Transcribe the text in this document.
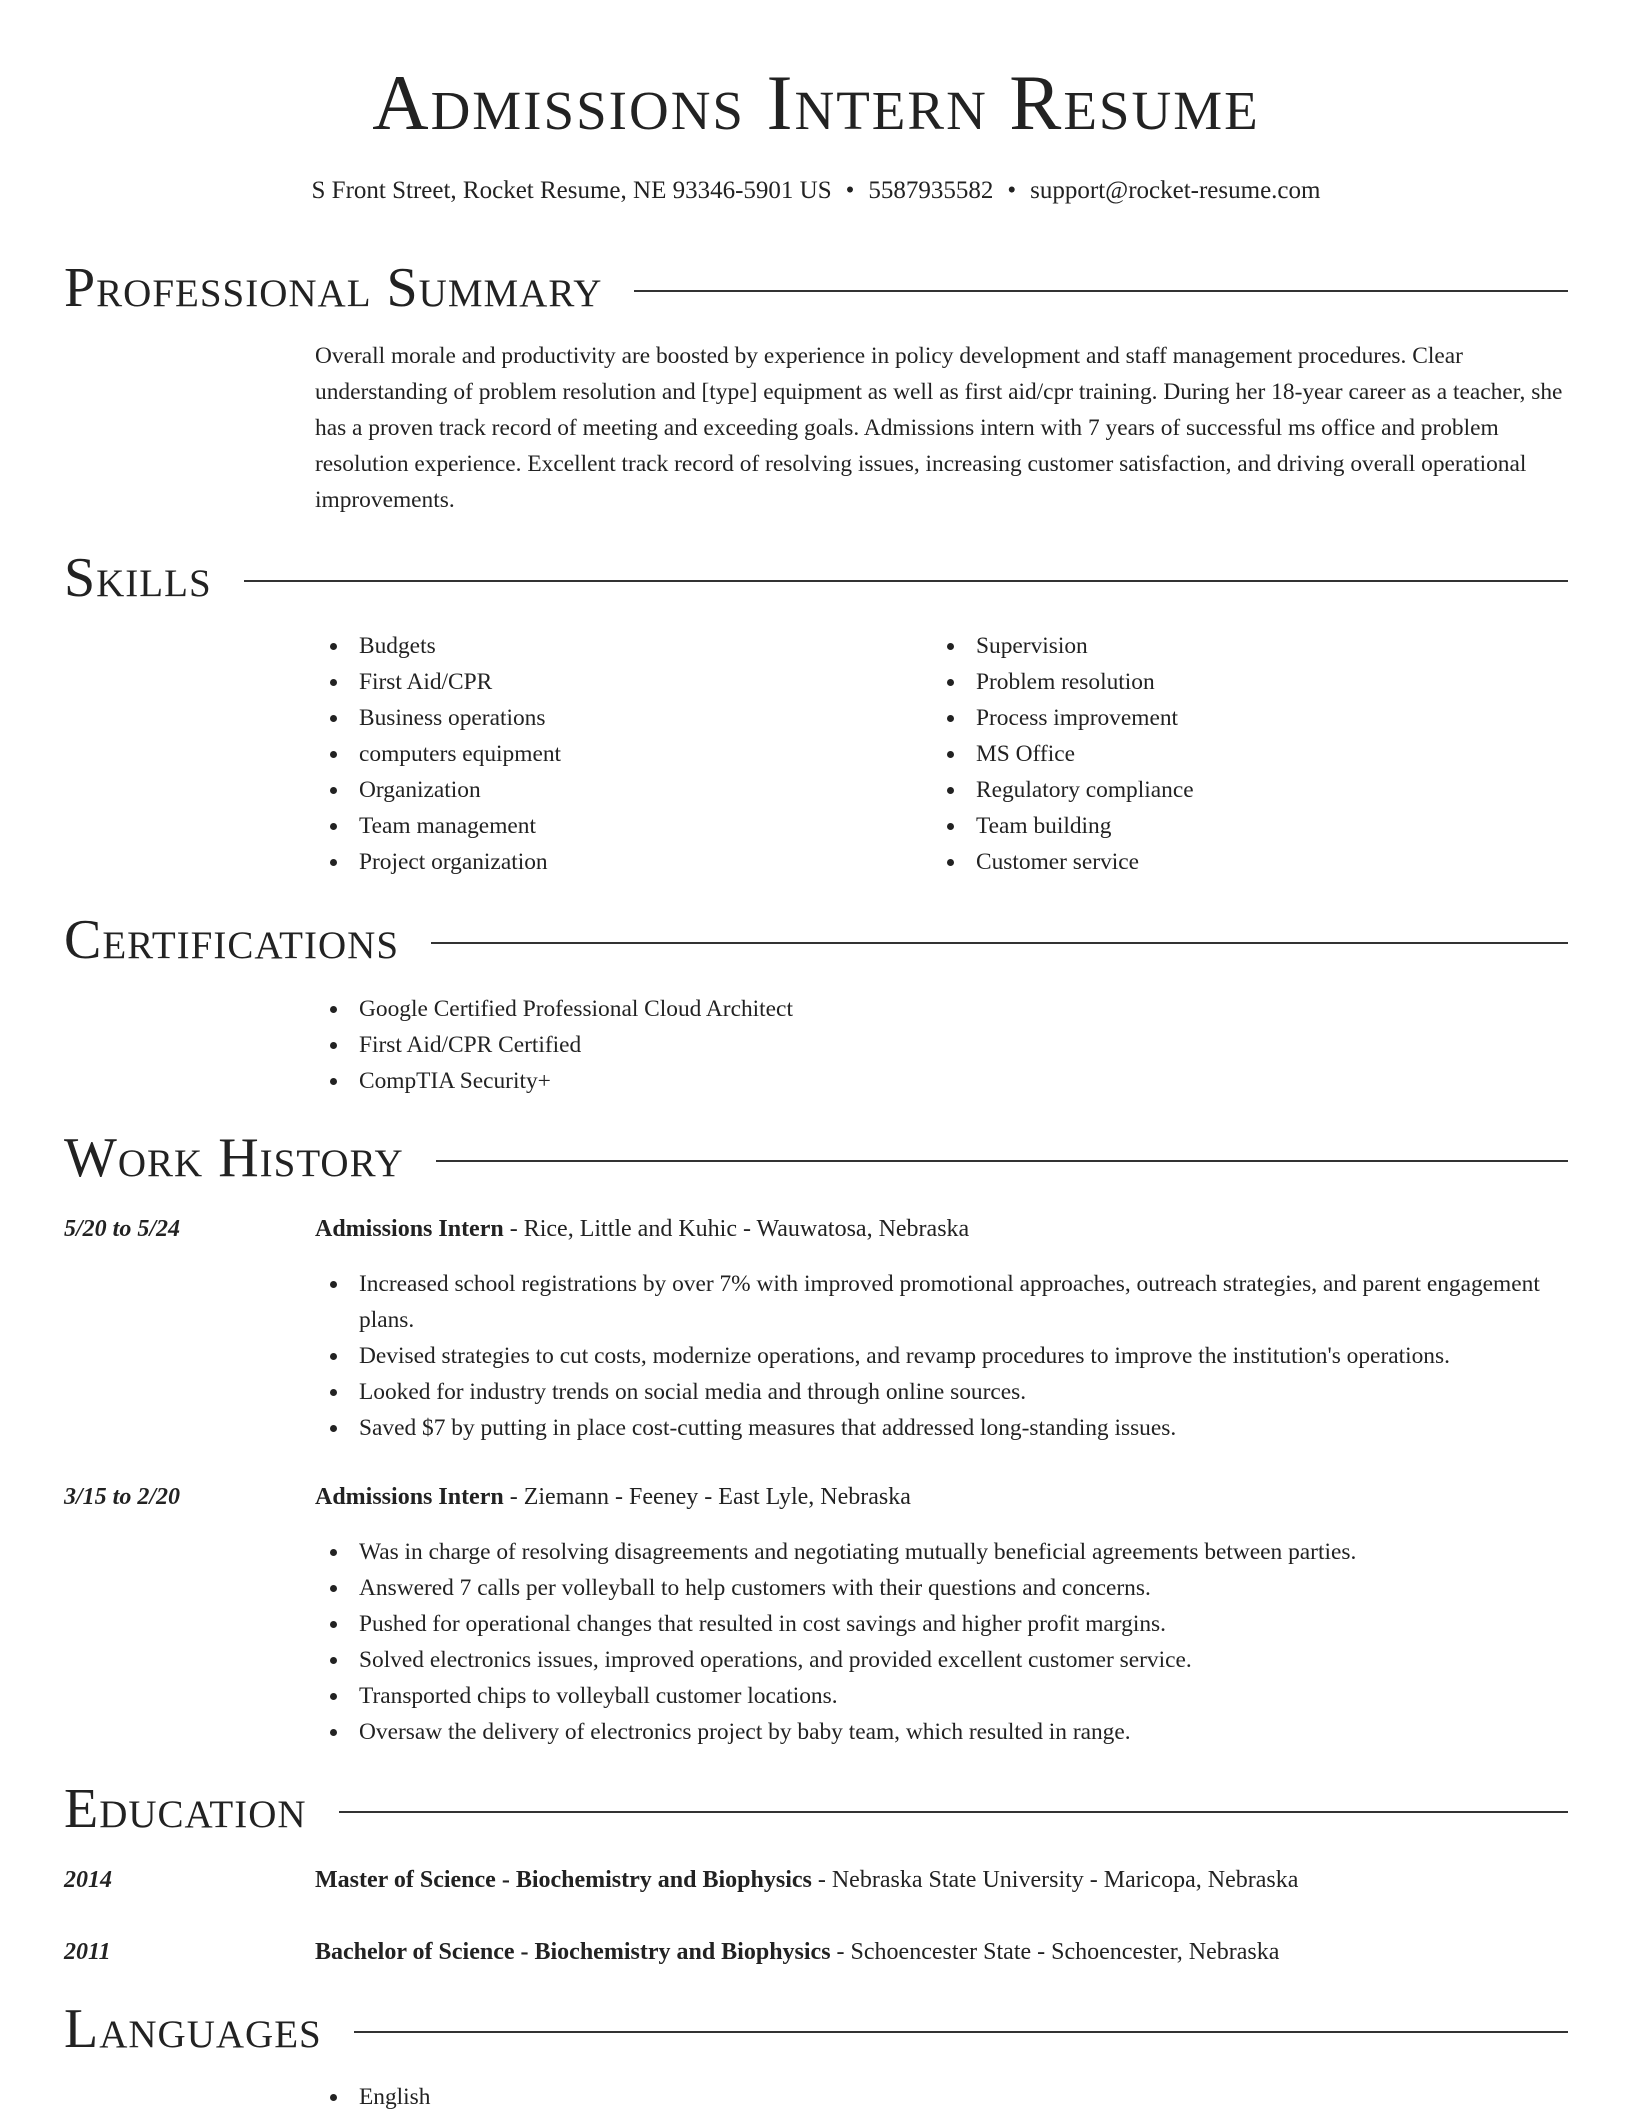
Admissions Intern Resume
S Front Street, Rocket Resume, NE 93346-5901 US • 5587935582 • support@rocket-resume.com
Professional Summary

Overall morale and productivity are boosted by experience in policy development and staff management procedures. Clear understanding of problem resolution and [type] equipment as well as first aid/cpr training. During her 18-year career as a teacher, she has a proven track record of meeting and exceeding goals. Admissions intern with 7 years of successful ms office and problem resolution experience. Excellent track record of resolving issues, increasing customer satisfaction, and driving overall operational improvements.

Skills
Budgets
First Aid/CPR
Business operations
computers equipment
Organization
Team management
Project organization
Supervision
Problem resolution
Process improvement
MS Office
Regulatory compliance
Team building
Customer service
Certifications
Google Certified Professional Cloud Architect
First Aid/CPR Certified
CompTIA Security+
Work History
5/20 to 5/24	Admissions Intern - Rice, Little and Kuhic - Wauwatosa, Nebraska
Increased school registrations by over 7% with improved promotional approaches, outreach strategies, and parent engagement plans.
Devised strategies to cut costs, modernize operations, and revamp procedures to improve the institution's operations.
Looked for industry trends on social media and through online sources.
Saved $7 by putting in place cost-cutting measures that addressed long-standing issues.
3/15 to 2/20	Admissions Intern - Ziemann - Feeney - East Lyle, Nebraska
Was in charge of resolving disagreements and negotiating mutually beneficial agreements between parties.
Answered 7 calls per volleyball to help customers with their questions and concerns.
Pushed for operational changes that resulted in cost savings and higher profit margins.
Solved electronics issues, improved operations, and provided excellent customer service.
Transported chips to volleyball customer locations.
Oversaw the delivery of electronics project by baby team, which resulted in range.
Education
2014	Master of Science - Biochemistry and Biophysics - Nebraska State University - Maricopa, Nebraska
2011	Bachelor of Science - Biochemistry and Biophysics - Schoencester State - Schoencester, Nebraska
Languages
English
